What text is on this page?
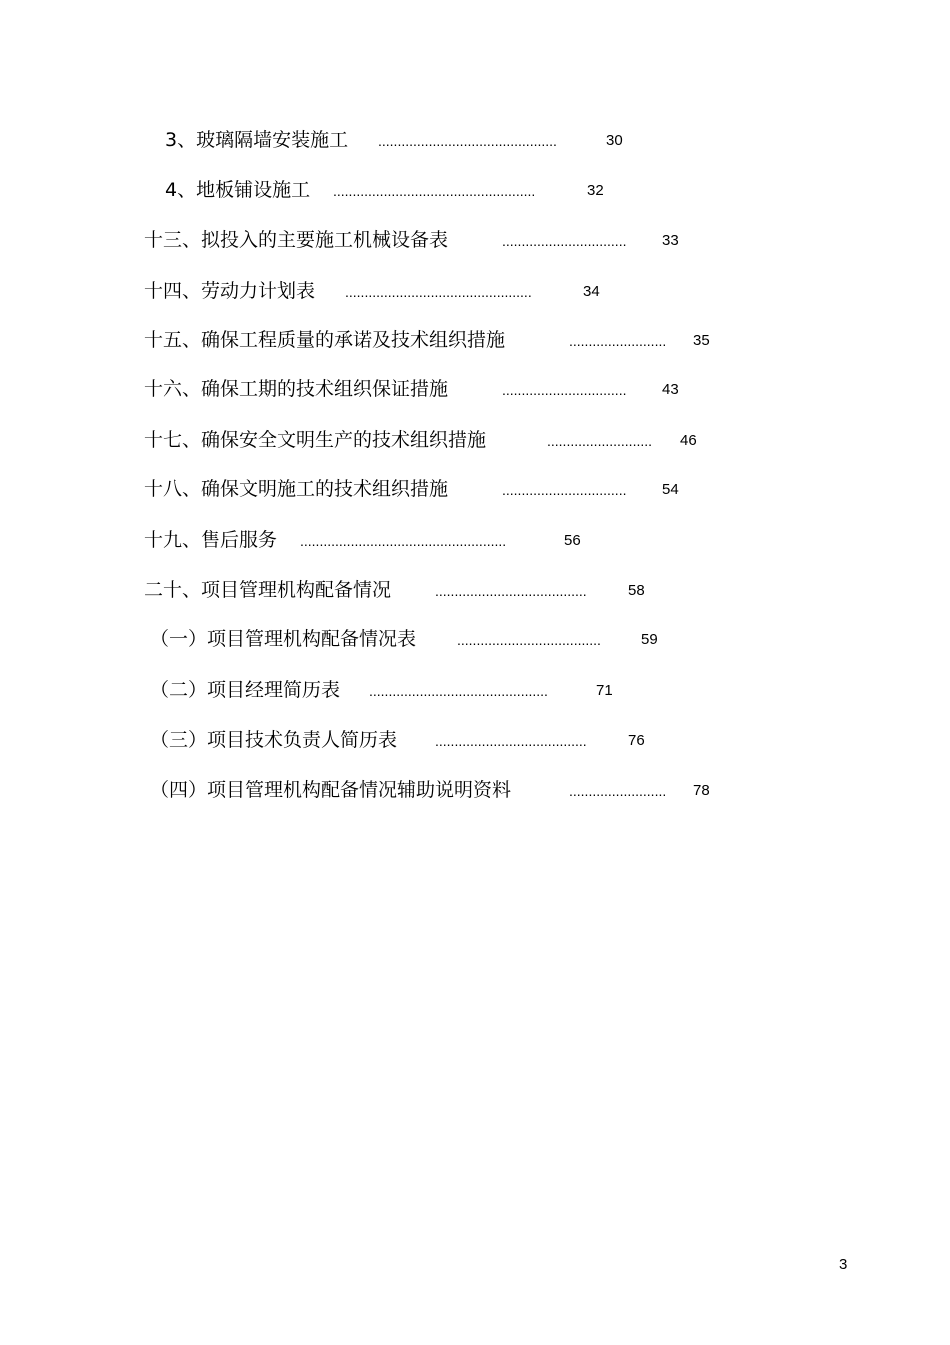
3、玻璃隔墙安装施工 ..............................................	30
4、地板铺设施工 ....................................................	32
十三、拟投入的主要施工机械设备表	................................	33
十四、劳动力计划表 ................................................	34
十五、确保工程质量的承诺及技术组织措施	.........................	35
十六、确保工期的技术组织保证措施	................................	43
十七、确保安全文明生产的技术组织措施	...........................	46
十八、确保文明施工的技术组织措施	................................	54
十九、售后服务 .....................................................	56
二十、项目管理机构配备情况	.......................................	58
（一）项目管理机构配备情况表	.....................................	59
（二）项目经理简历表 ..............................................	71
（三）项目技术负责人简历表	.......................................	76
（四）项目管理机构配备情况辅助说明资料	.........................	78
3
